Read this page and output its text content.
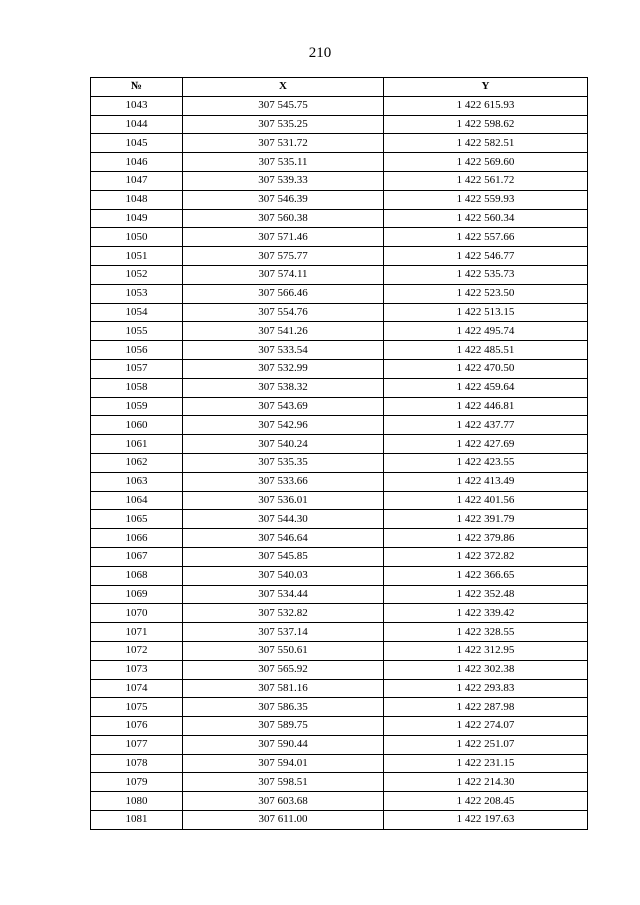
210
№	X	Y
1043	307 545.75	1 422 615.93
1044	307 535.25	1 422 598.62
1045	307 531.72	1 422 582.51
1046	307 535.11	1 422 569.60
1047	307 539.33	1 422 561.72
1048	307 546.39	1 422 559.93
1049	307 560.38	1 422 560.34
1050	307 571.46	1 422 557.66
1051	307 575.77	1 422 546.77
1052	307 574.11	1 422 535.73
1053	307 566.46	1 422 523.50
1054	307 554.76	1 422 513.15
1055	307 541.26	1 422 495.74
1056	307 533.54	1 422 485.51
1057	307 532.99	1 422 470.50
1058	307 538.32	1 422 459.64
1059	307 543.69	1 422 446.81
1060	307 542.96	1 422 437.77
1061	307 540.24	1 422 427.69
1062	307 535.35	1 422 423.55
1063	307 533.66	1 422 413.49
1064	307 536.01	1 422 401.56
1065	307 544.30	1 422 391.79
1066	307 546.64	1 422 379.86
1067	307 545.85	1 422 372.82
1068	307 540.03	1 422 366.65
1069	307 534.44	1 422 352.48
1070	307 532.82	1 422 339.42
1071	307 537.14	1 422 328.55
1072	307 550.61	1 422 312.95
1073	307 565.92	1 422 302.38
1074	307 581.16	1 422 293.83
1075	307 586.35	1 422 287.98
1076	307 589.75	1 422 274.07
1077	307 590.44	1 422 251.07
1078	307 594.01	1 422 231.15
1079	307 598.51	1 422 214.30
1080	307 603.68	1 422 208.45
1081	307 611.00	1 422 197.63
